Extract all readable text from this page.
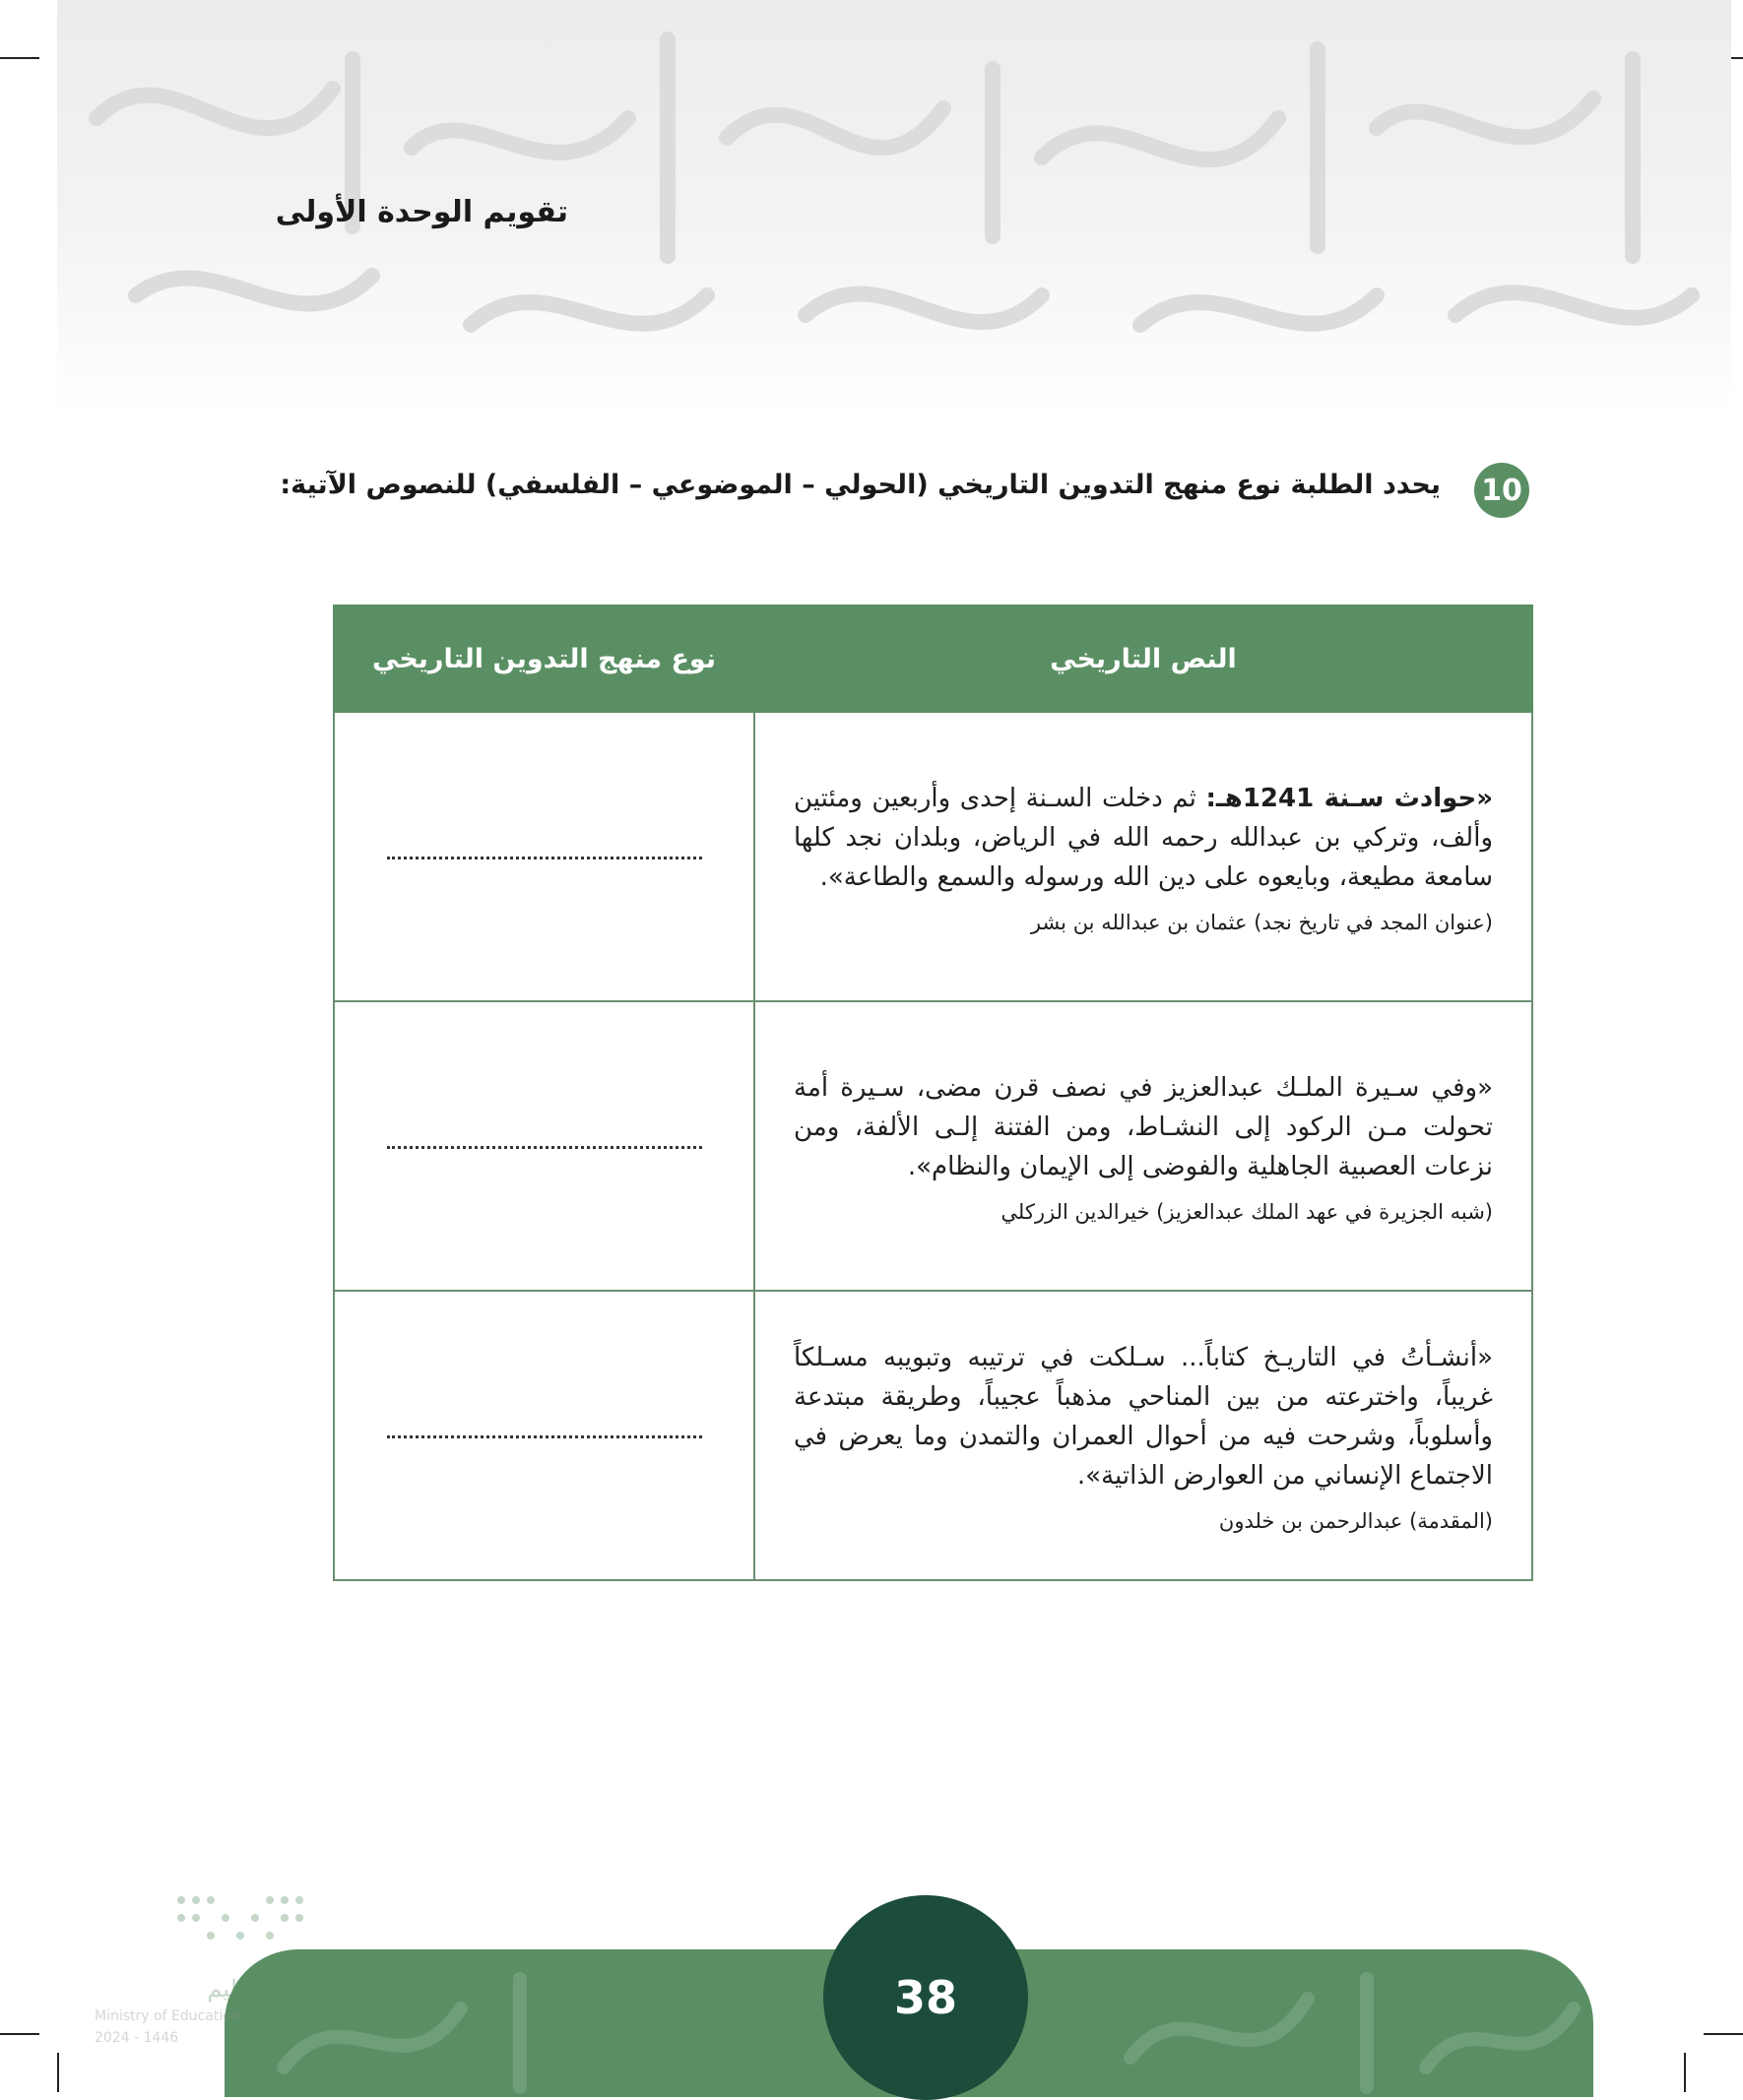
تقويم الوحدة الأولى
10
يحدد الطلبة نوع منهج التدوين التاريخي (الحولي – الموضوعي – الفلسفي) للنصوص الآتية:
النص التاريخي	نوع منهج التدوين التاريخي

«حوادث سـنة 1241هـ: ثم دخلت السـنة إحدى وأربعين ومئتين وألف، وتركي بن عبدالله رحمه الله في الرياض، وبلدان نجد كلها سامعة مطيعة، وبايعوه على دين الله ورسوله والسمع والطاعة».
(عنوان المجد في تاريخ نجد) عثمان بن عبدالله بن بشر	

«وفي سـيرة الملـك عبدالعزيز في نصف قرن مضى، سـيرة أمة تحولت مـن الركود إلى النشـاط، ومن الفتنة إلـى الألفة، ومن نزعات العصبية الجاهلية والفوضى إلى الإيمان والنظام».
(شبه الجزيرة في عهد الملك عبدالعزيز) خيرالدين الزركلي	

«أنشـأتُ في التاريـخ كتاباً... سـلكت في ترتيبه وتبويبه مسـلكاً غريباً، واخترعته من بين المناحي مذهباً عجيباً، وطريقة مبتدعة وأسلوباً، وشرحت فيه من أحوال العمران والتمدن وما يعرض في الاجتماع الإنساني من العوارض الذاتية».
(المقدمة) عبدالرحمن بن خلدون	

38
وزارة التعليم
Ministry of Education
2024 - 1446
